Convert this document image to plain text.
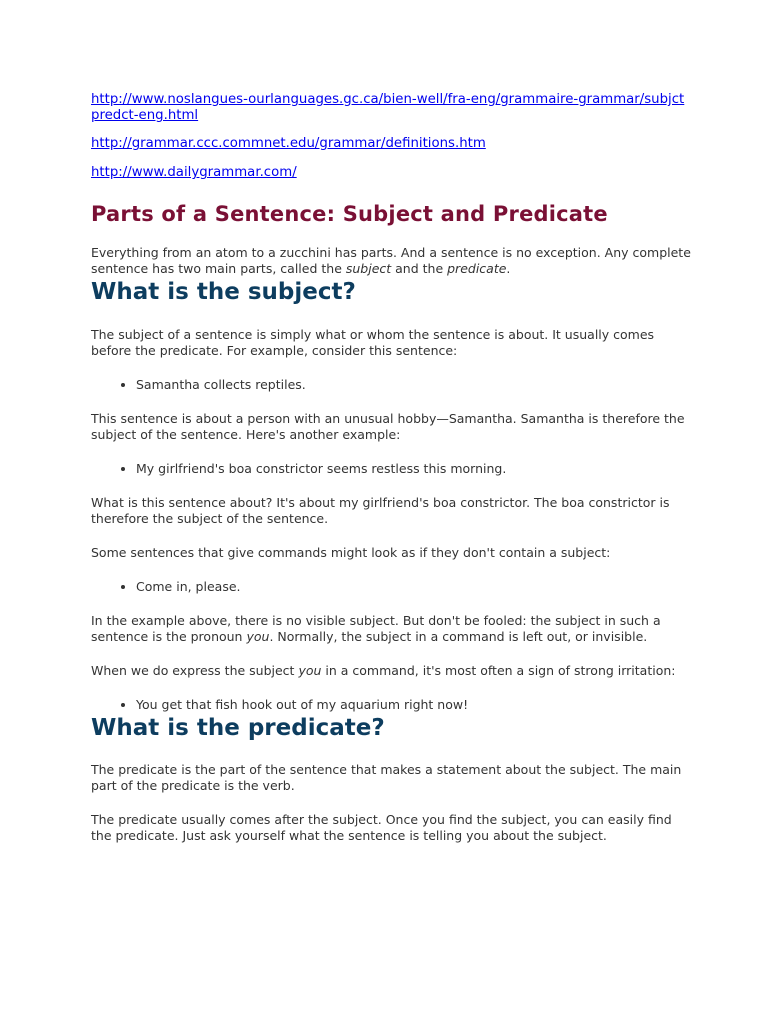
http://www.noslangues-ourlanguages.gc.ca/bien-well/fra-eng/grammaire-grammar/subjctpredct-eng.html
http://grammar.ccc.commnet.edu/grammar/definitions.htm
http://www.dailygrammar.com/
Parts of a Sentence: Subject and Predicate

Everything from an atom to a zucchini has parts. And a sentence is no exception. Any complete sentence has two main parts, called the subject and the predicate.

What is the subject?

The subject of a sentence is simply what or whom the sentence is about. It usually comes before the predicate. For example, consider this sentence:

• Samantha collects reptiles.

This sentence is about a person with an unusual hobby—Samantha. Samantha is therefore the subject of the sentence. Here's another example:

• My girlfriend's boa constrictor seems restless this morning.

What is this sentence about? It's about my girlfriend's boa constrictor. The boa constrictor is therefore the subject of the sentence.

Some sentences that give commands might look as if they don't contain a subject:

• Come in, please.

In the example above, there is no visible subject. But don't be fooled: the subject in such a sentence is the pronoun you. Normally, the subject in a command is left out, or invisible.

When we do express the subject you in a command, it's most often a sign of strong irritation:

• You get that fish hook out of my aquarium right now!
What is the predicate?

The predicate is the part of the sentence that makes a statement about the subject. The main part of the predicate is the verb.

The predicate usually comes after the subject. Once you find the subject, you can easily find the predicate. Just ask yourself what the sentence is telling you about the subject.
